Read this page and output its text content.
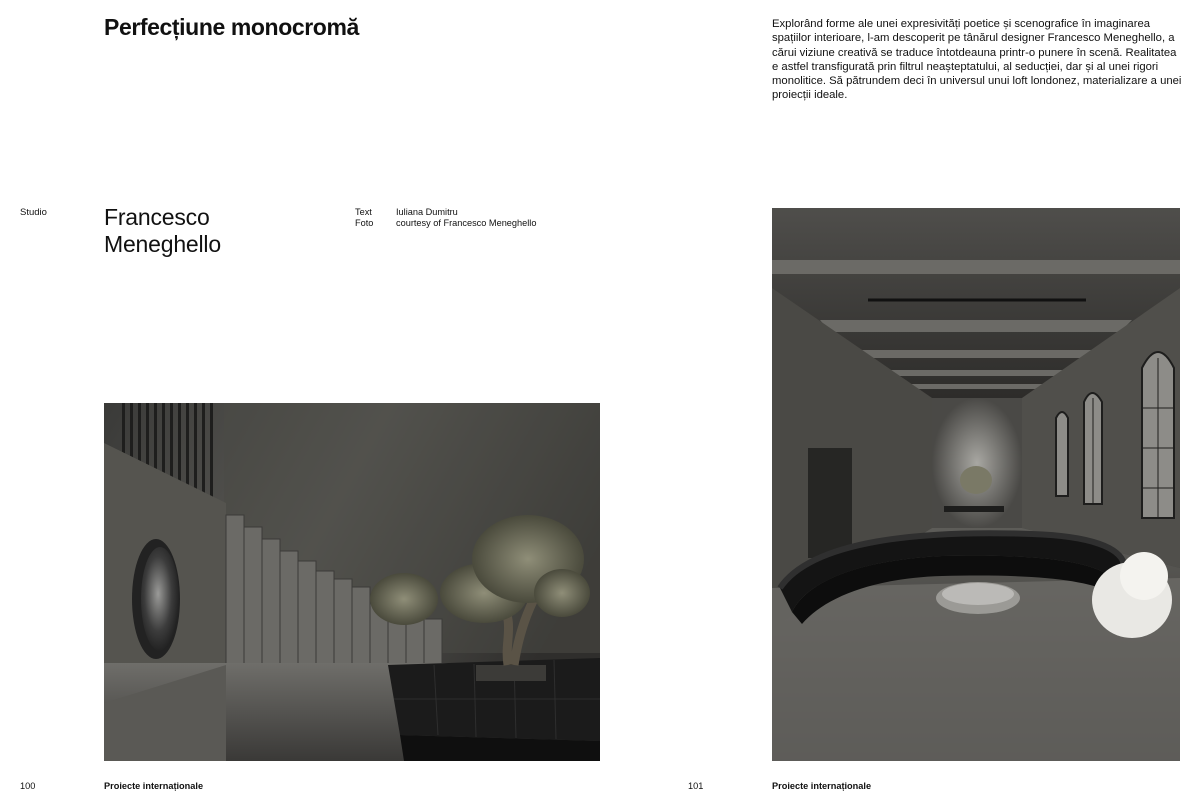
Perfecțiune monocromă
Studio Francesco
Meneghello
Text	Iuliana Dumitru
Foto	courtesy of Francesco Meneghello
100	Proiecte internaționale
Explorând forme ale unei expresivități poetice și scenografice în imaginarea spațiilor interioare, l-am descoperit pe tânărul designer Francesco Meneghello, a cărui viziune creativă se traduce întotdeauna printr-o punere în scenă. Realitatea e astfel transfigurată prin filtrul neașteptatului, al seducției, dar și al unei rigori monolitice. Să pătrundem deci în universul unui loft londonez, materializare a unei proiecții ideale.
101	Proiecte internaționale
